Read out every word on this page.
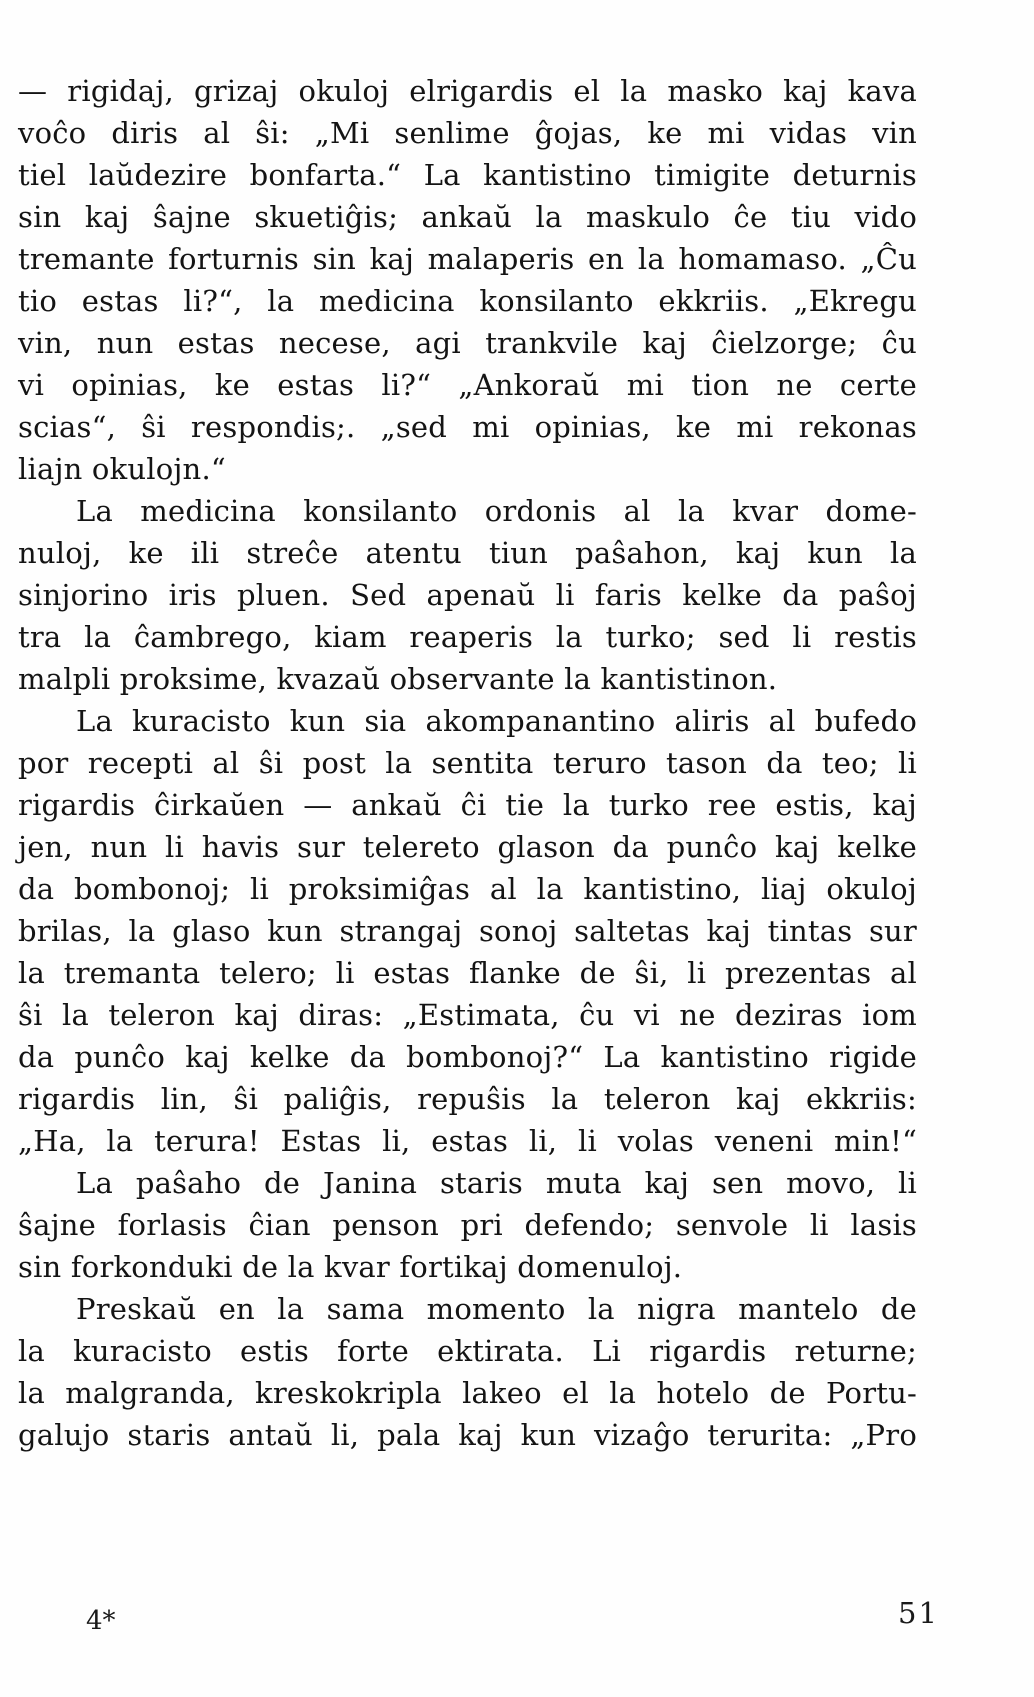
— rigidaj, grizaj okuloj elrigardis el la masko kaj kava
voĉo diris al ŝi: „Mi senlime ĝojas, ke mi vidas vin
tiel laŭdezire bonfarta.“ La kantistino timigite deturnis
sin kaj ŝajne skuetiĝis; ankaŭ la maskulo ĉe tiu vido
tremante forturnis sin kaj malaperis en la homamaso. „Ĉu
tio estas li?“, la medicina konsilanto ekkriis. „Ekregu
vin, nun estas necese, agi trankvile kaj ĉielzorge; ĉu
vi opinias, ke estas li?“ „Ankoraŭ mi tion ne certe
scias“, ŝi respondis;. „sed mi opinias, ke mi rekonas
liajn okulojn.“
La medicina konsilanto ordonis al la kvar dome-
nuloj, ke ili streĉe atentu tiun paŝahon, kaj kun la
sinjorino iris pluen. Sed apenaŭ li faris kelke da paŝoj
tra la ĉambrego, kiam reaperis la turko; sed li restis
malpli proksime, kvazaŭ observante la kantistinon.
La kuracisto kun sia akompanantino aliris al bufedo
por recepti al ŝi post la sentita teruro tason da teo; li
rigardis ĉirkaŭen — ankaŭ ĉi tie la turko ree estis, kaj
jen, nun li havis sur telereto glason da punĉo kaj kelke
da bombonoj; li proksimiĝas al la kantistino, liaj okuloj
brilas, la glaso kun strangaj sonoj saltetas kaj tintas sur
la tremanta telero; li estas flanke de ŝi, li prezentas al
ŝi la teleron kaj diras: „Estimata, ĉu vi ne deziras iom
da punĉo kaj kelke da bombonoj?“ La kantistino rigide
rigardis lin, ŝi paliĝis, repuŝis la teleron kaj ekkriis:
„Ha, la terura! Estas li, estas li, li volas veneni min!“
La paŝaho de Janina staris muta kaj sen movo, li
ŝajne forlasis ĉian penson pri defendo; senvole li lasis
sin forkonduki de la kvar fortikaj domenuloj.
Preskaŭ en la sama momento la nigra mantelo de
la kuracisto estis forte ektirata. Li rigardis returne;
la malgranda, kreskokripla lakeo el la hotelo de Portu-
galujo staris antaŭ li, pala kaj kun vizaĝo terurita: „Pro
4*	51
